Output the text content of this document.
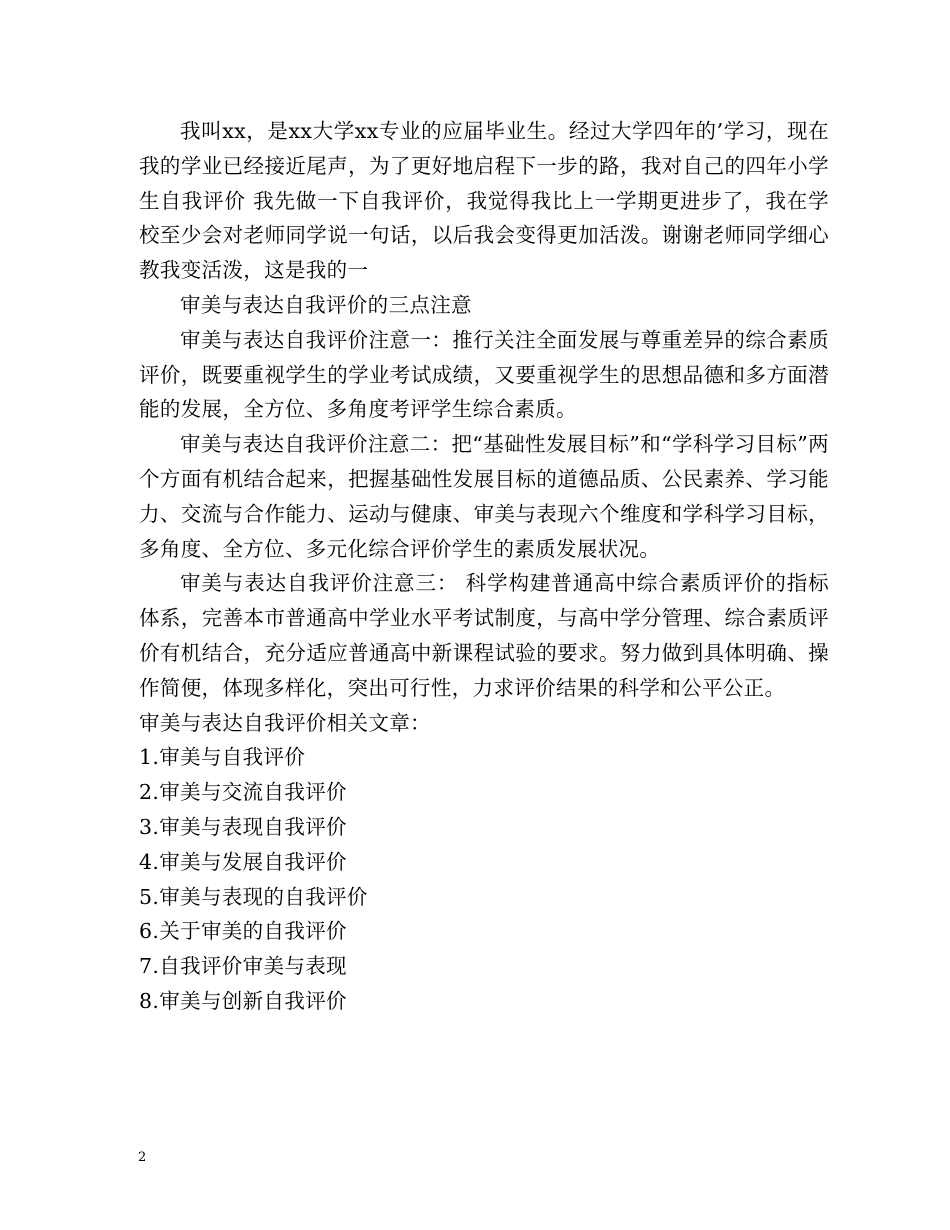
我叫xx，是xx大学xx专业的应届毕业生。经过大学四年的’学习，现在我的学业已经接近尾声，为了更好地启程下一步的路，我对自己的四年小学生自我评价 我先做一下自我评价，我觉得我比上一学期更进步了，我在学校至少会对老师同学说一句话，以后我会变得更加活泼。谢谢老师同学细心教我变活泼，这是我的一

审美与表达自我评价的三点注意

审美与表达自我评价注意一：推行关注全面发展与尊重差异的综合素质评价，既要重视学生的学业考试成绩，又要重视学生的思想品德和多方面潜能的发展，全方位、多角度考评学生综合素质。

审美与表达自我评价注意二：把“基础性发展目标”和“学科学习目标”两个方面有机结合起来，把握基础性发展目标的道德品质、公民素养、学习能力、交流与合作能力、运动与健康、审美与表现六个维度和学科学习目标，多角度、全方位、多元化综合评价学生的素质发展状况。

审美与表达自我评价注意三： 科学构建普通高中综合素质评价的指标体系，完善本市普通高中学业水平考试制度，与高中学分管理、综合素质评价有机结合，充分适应普通高中新课程试验的要求。努力做到具体明确、操作简便，体现多样化，突出可行性，力求评价结果的科学和公平公正。

审美与表达自我评价相关文章：

1.审美与自我评价
2.审美与交流自我评价
3.审美与表现自我评价
4.审美与发展自我评价
5.审美与表现的自我评价
6.关于审美的自我评价
7.自我评价审美与表现
8.审美与创新自我评价
2
